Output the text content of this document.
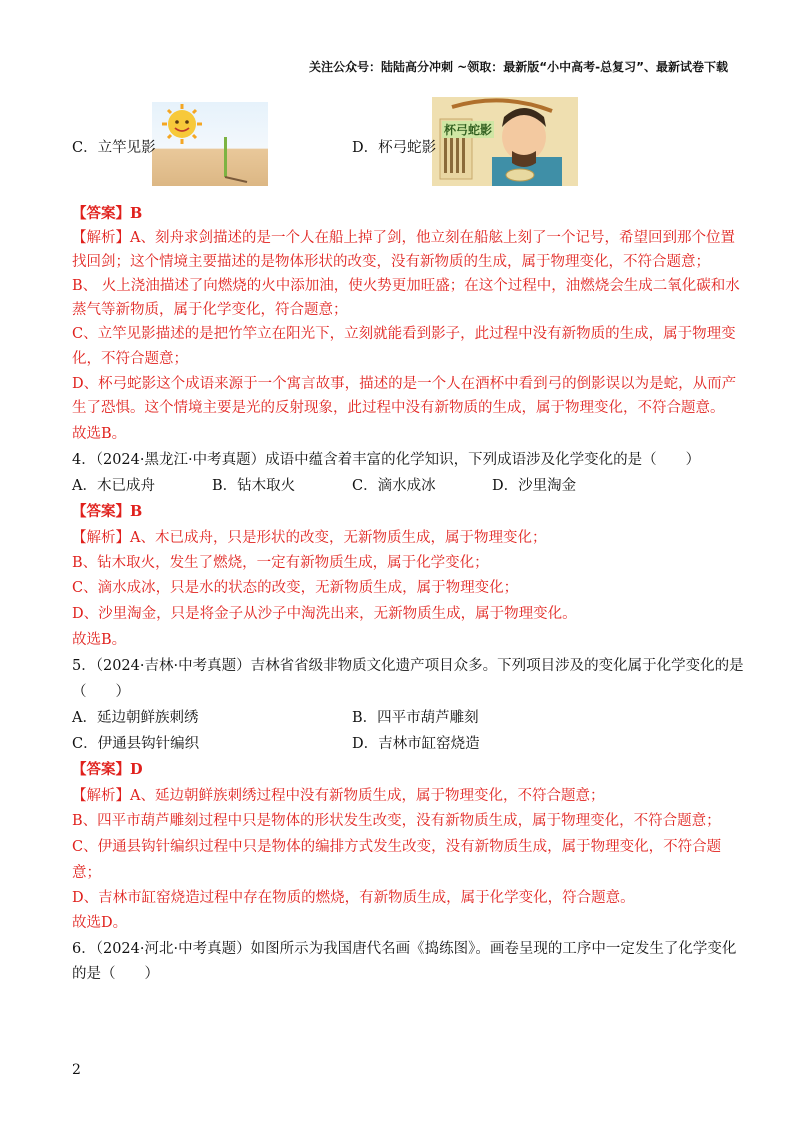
关注公众号：陆陆高分冲刺 ~领取：最新版“小中高考-总复习”、最新试卷下载
C．立竿见影
杯弓蛇影
D．杯弓蛇影
【答案】B
【解析】A、刻舟求剑描述的是一个人在船上掉了剑，他立刻在船舷上刻了一个记号，希望回到那个位置
找回剑；这个情境主要描述的是物体形状的改变，没有新物质的生成，属于物理变化，不符合题意；
B、 火上浇油描述了向燃烧的火中添加油，使火势更加旺盛；在这个过程中，油燃烧会生成二氧化碳和水
蒸气等新物质，属于化学变化，符合题意；
C、立竿见影描述的是把竹竿立在阳光下，立刻就能看到影子，此过程中没有新物质的生成，属于物理变
化，不符合题意；
D、杯弓蛇影这个成语来源于一个寓言故事，描述的是一个人在酒杯中看到弓的倒影误以为是蛇，从而产
生了恐惧。这个情境主要是光的反射现象，此过程中没有新物质的生成，属于物理变化，不符合题意。
故选B。
4．（2024·黑龙江·中考真题）成语中蕴含着丰富的化学知识，下列成语涉及化学变化的是（　　）
A．木已成舟	B．钻木取火	C．滴水成冰	D．沙里淘金
【答案】B
【解析】A、木已成舟，只是形状的改变，无新物质生成，属于物理变化；
B、钻木取火，发生了燃烧，一定有新物质生成，属于化学变化；
C、滴水成冰，只是水的状态的改变，无新物质生成，属于物理变化；
D、沙里淘金，只是将金子从沙子中淘洗出来，无新物质生成，属于物理变化。
故选B。
5．（2024·吉林·中考真题）吉林省省级非物质文化遗产项目众多。下列项目涉及的变化属于化学变化的是
（　　）
A．延边朝鲜族刺绣	B．四平市葫芦雕刻
C．伊通县钩针编织	D．吉林市缸窑烧造
【答案】D
【解析】A、延边朝鲜族刺绣过程中没有新物质生成，属于物理变化，不符合题意；
B、四平市葫芦雕刻过程中只是物体的形状发生改变，没有新物质生成，属于物理变化，不符合题意；
C、伊通县钩针编织过程中只是物体的编排方式发生改变，没有新物质生成，属于物理变化，不符合题
意；
D、吉林市缸窑烧造过程中存在物质的燃烧，有新物质生成，属于化学变化，符合题意。
故选D。
6．（2024·河北·中考真题）如图所示为我国唐代名画《捣练图》。画卷呈现的工序中一定发生了化学变化
的是（　　）
2
